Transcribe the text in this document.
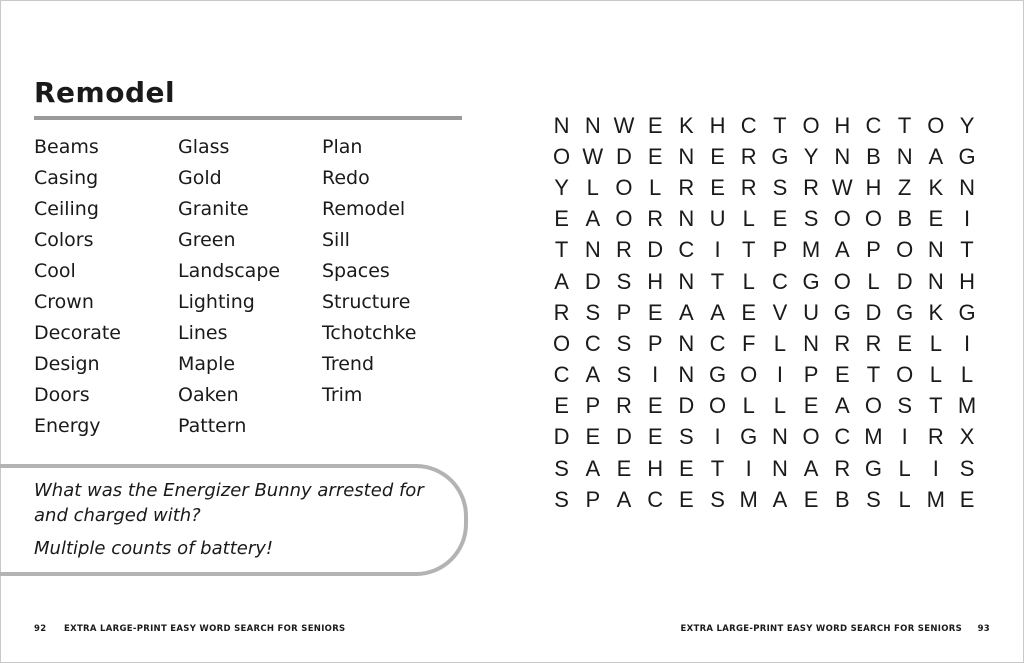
Remodel
Beams
Casing
Ceiling
Colors
Cool
Crown
Decorate
Design
Doors
Energy
Glass
Gold
Granite
Green
Landscape
Lighting
Lines
Maple
Oaken
Pattern
Plan
Redo
Remodel
Sill
Spaces
Structure
Tchotchke
Trend
Trim

What was the Energizer Bunny arrested for and charged with?

Multiple counts of battery!

N N W E K H C T O H C T O Y
O W D E N E R G Y N B N A G
Y L O L R E R S R W H Z K N
E A O R N U L E S O O B E I
T N R D C I T P M A P O N T
A D S H N T L C G O L D N H
R S P E A A E V U G D G K G
O C S P N C F L N R R E L	I
C A S I N G O I P E T O L L
E P R E D O L L E A O S T M
D E D E S I G N O C M I R X
S A E H E T I N A R G L	I S
S P A C E S M A E B S L M E
92 EXTRA LARGE-PRINT EASY WORD SEARCH FOR SENIORS	EXTRA LARGE-PRINT EASY WORD SEARCH FOR SENIORS 93
